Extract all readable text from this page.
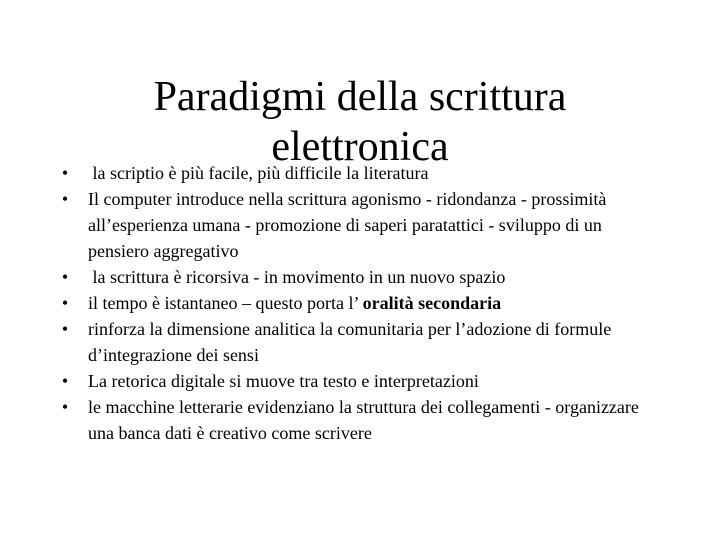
Paradigmi della scrittura
elettronica
• la scriptio è più facile, più difficile la literatura
• Il computer introduce nella scrittura agonismo - ridondanza - prossimità all’esperienza umana - promozione di saperi paratattici - sviluppo di un pensiero aggregativo
• la scrittura è ricorsiva - in movimento in un nuovo spazio
• il tempo è istantaneo – questo porta l’ oralità secondaria
• rinforza la dimensione analitica la comunitaria per l’adozione di formule d’integrazione dei sensi
• La retorica digitale si muove tra testo e interpretazioni
• le macchine letterarie evidenziano la struttura dei collegamenti - organizzare una banca dati è creativo come scrivere
